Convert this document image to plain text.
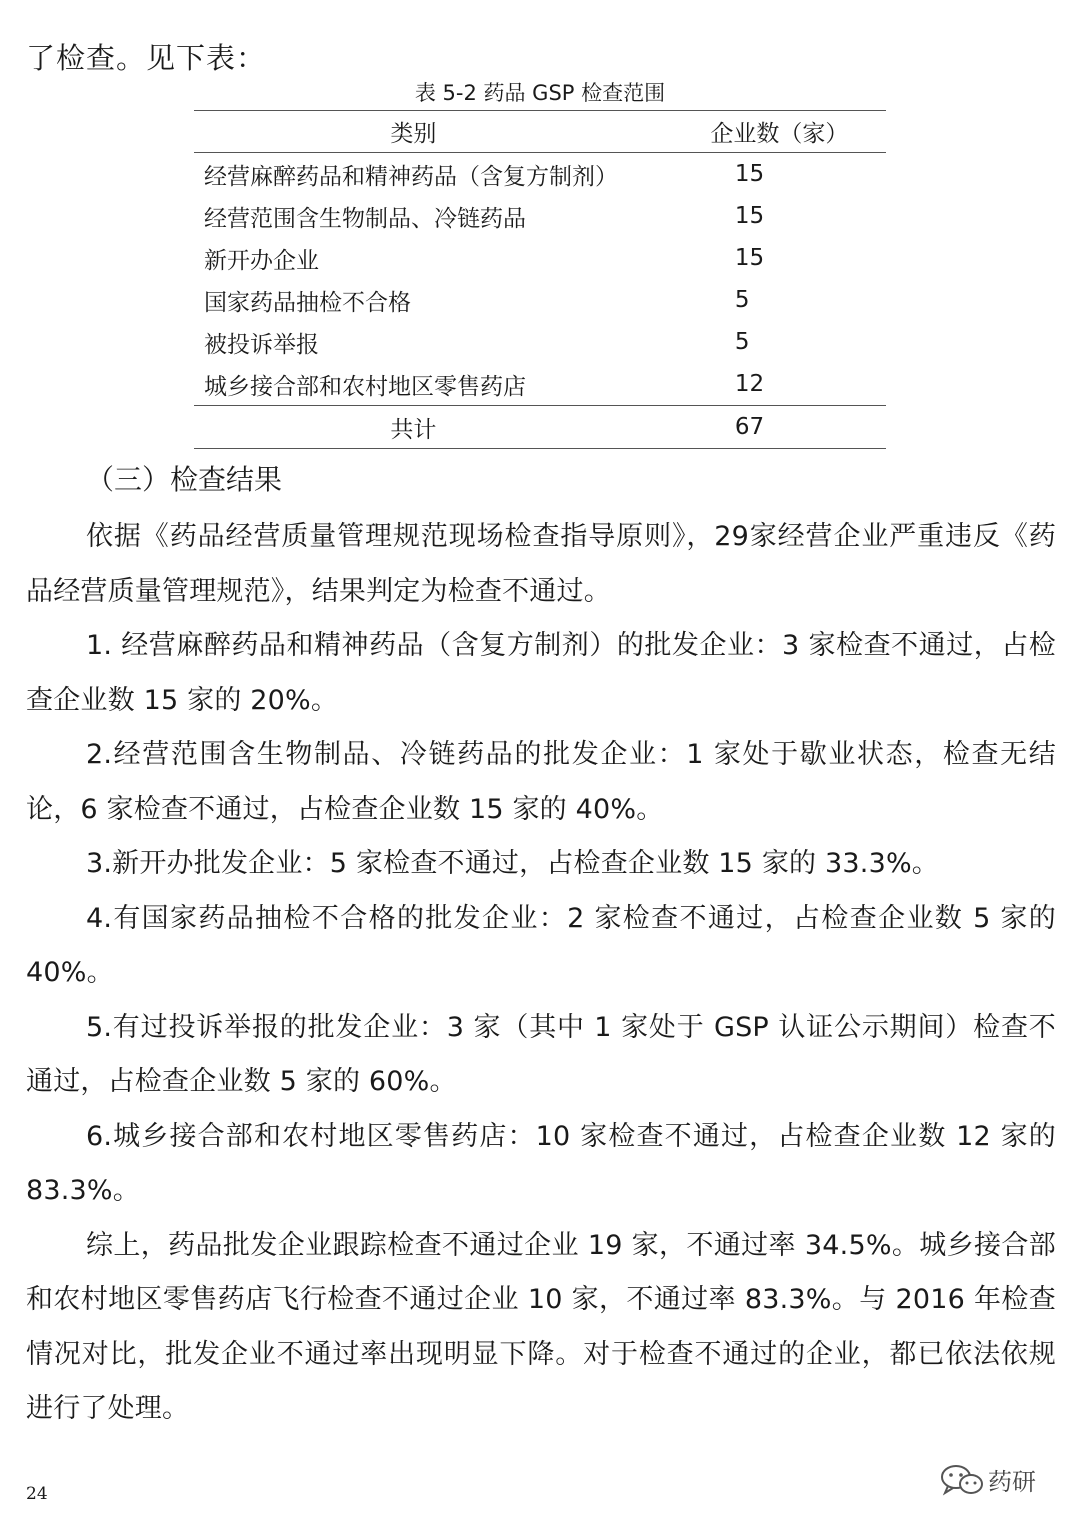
了检查。见下表：

表 5-2 药品 GSP 检查范围
类别	企业数（家）
经营麻醉药品和精神药品（含复方制剂）	15
经营范围含生物制品、冷链药品	15
新开办企业	15
国家药品抽检不合格	5
被投诉举报	5
城乡接合部和农村地区零售药店	12
共计	67

（三）检查结果

依据《药品经营质量管理规范现场检查指导原则》，29家经营企业严重违反《药品经营质量管理规范》，结果判定为检查不通过。

1. 经营麻醉药品和精神药品（含复方制剂）的批发企业：3 家检查不通过，占检查企业数 15 家的 20%。

2.经营范围含生物制品、冷链药品的批发企业：1 家处于歇业状态，检查无结论，6 家检查不通过，占检查企业数 15 家的 40%。

3.新开办批发企业：5 家检查不通过，占检查企业数 15 家的 33.3%。

4.有国家药品抽检不合格的批发企业：2 家检查不通过，占检查企业数 5 家的 40%。

5.有过投诉举报的批发企业：3 家（其中 1 家处于 GSP 认证公示期间）检查不通过，占检查企业数 5 家的 60%。

6.城乡接合部和农村地区零售药店：10 家检查不通过，占检查企业数 12 家的 83.3%。

综上，药品批发企业跟踪检查不通过企业 19 家，不通过率 34.5%。城乡接合部和农村地区零售药店飞行检查不通过企业 10 家，不通过率 83.3%。与 2016 年检查情况对比，批发企业不通过率出现明显下降。对于检查不通过的企业，都已依法依规进行了处理。

24	药研
